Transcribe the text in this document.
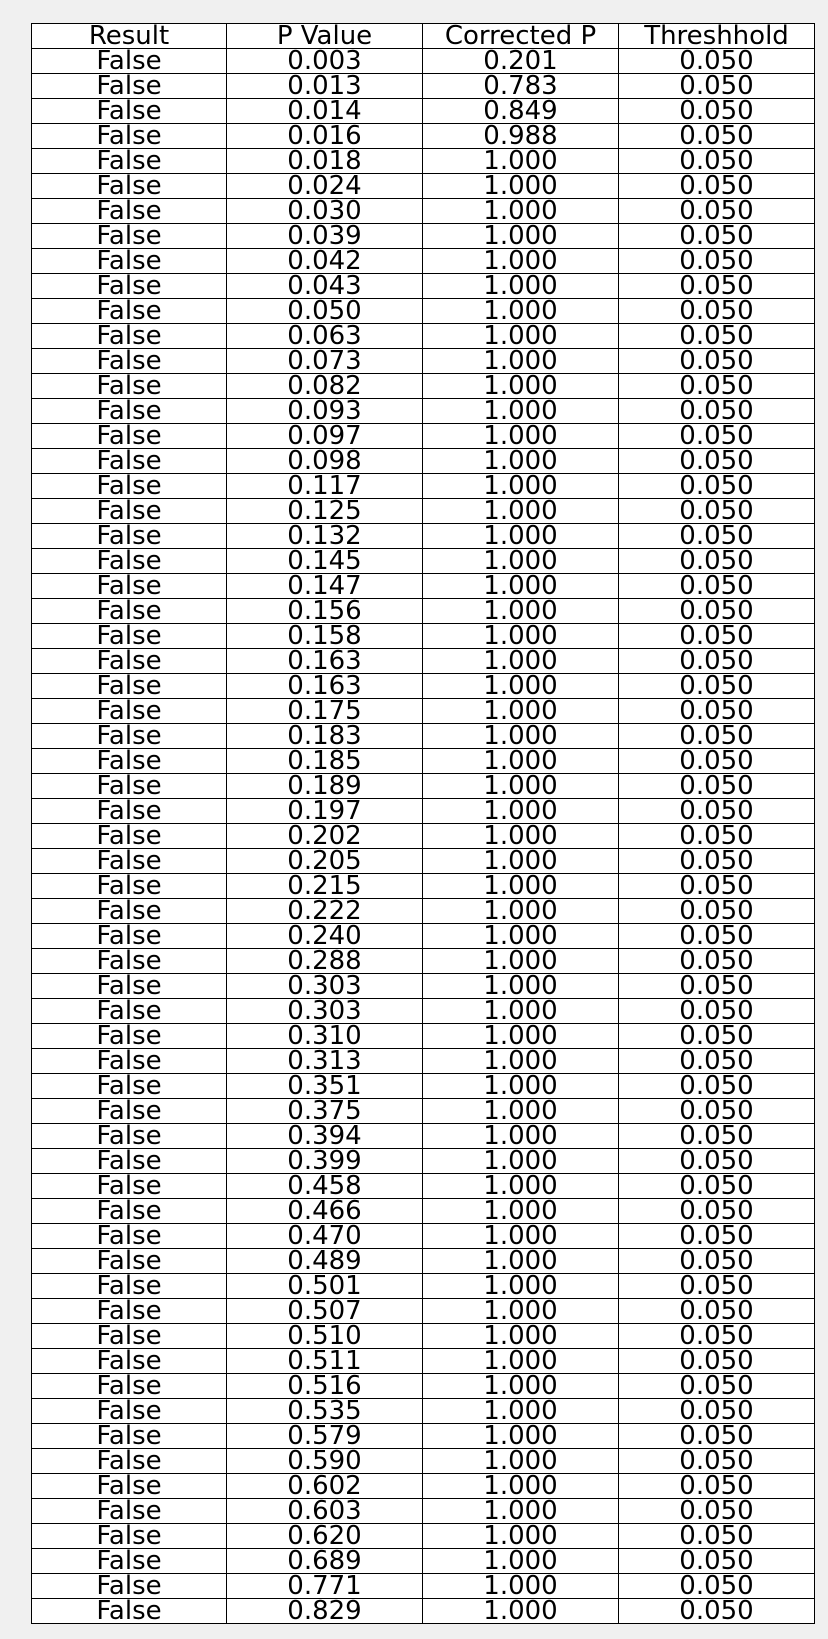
Result	P Value	Corrected P	Threshhold
False	0.003	0.201	0.050
False	0.013	0.783	0.050
False	0.014	0.849	0.050
False	0.016	0.988	0.050
False	0.018	1.000	0.050
False	0.024	1.000	0.050
False	0.030	1.000	0.050
False	0.039	1.000	0.050
False	0.042	1.000	0.050
False	0.043	1.000	0.050
False	0.050	1.000	0.050
False	0.063	1.000	0.050
False	0.073	1.000	0.050
False	0.082	1.000	0.050
False	0.093	1.000	0.050
False	0.097	1.000	0.050
False	0.098	1.000	0.050
False	0.117	1.000	0.050
False	0.125	1.000	0.050
False	0.132	1.000	0.050
False	0.145	1.000	0.050
False	0.147	1.000	0.050
False	0.156	1.000	0.050
False	0.158	1.000	0.050
False	0.163	1.000	0.050
False	0.163	1.000	0.050
False	0.175	1.000	0.050
False	0.183	1.000	0.050
False	0.185	1.000	0.050
False	0.189	1.000	0.050
False	0.197	1.000	0.050
False	0.202	1.000	0.050
False	0.205	1.000	0.050
False	0.215	1.000	0.050
False	0.222	1.000	0.050
False	0.240	1.000	0.050
False	0.288	1.000	0.050
False	0.303	1.000	0.050
False	0.303	1.000	0.050
False	0.310	1.000	0.050
False	0.313	1.000	0.050
False	0.351	1.000	0.050
False	0.375	1.000	0.050
False	0.394	1.000	0.050
False	0.399	1.000	0.050
False	0.458	1.000	0.050
False	0.466	1.000	0.050
False	0.470	1.000	0.050
False	0.489	1.000	0.050
False	0.501	1.000	0.050
False	0.507	1.000	0.050
False	0.510	1.000	0.050
False	0.511	1.000	0.050
False	0.516	1.000	0.050
False	0.535	1.000	0.050
False	0.579	1.000	0.050
False	0.590	1.000	0.050
False	0.602	1.000	0.050
False	0.603	1.000	0.050
False	0.620	1.000	0.050
False	0.689	1.000	0.050
False	0.771	1.000	0.050
False	0.829	1.000	0.050
